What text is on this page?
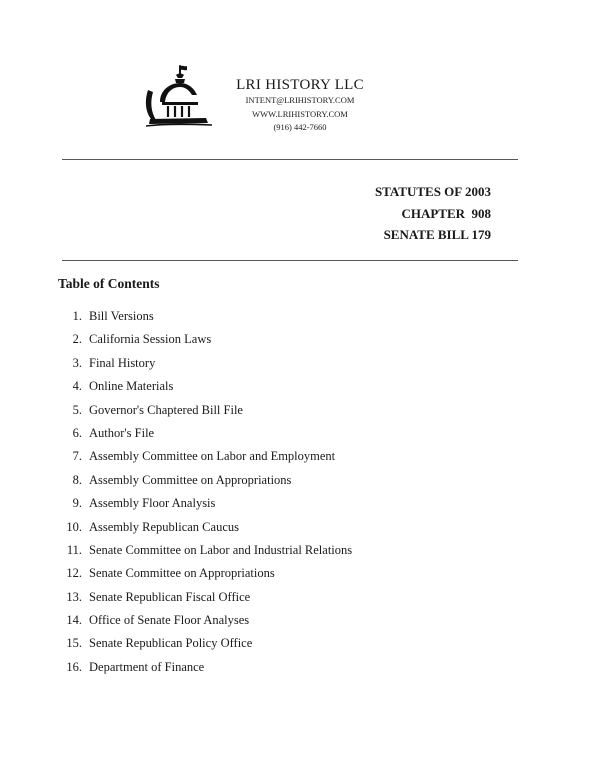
LRI HISTORY LLC
INTENT@LRIHISTORY.COM
WWW.LRIHISTORY.COM
(916) 442-7660
STATUTES OF 2003
CHAPTER  908
SENATE BILL 179
Table of Contents
1. Bill Versions
2. California Session Laws
3. Final History
4. Online Materials
5. Governor's Chaptered Bill File
6. Author's File
7. Assembly Committee on Labor and Employment
8. Assembly Committee on Appropriations
9. Assembly Floor Analysis
10. Assembly Republican Caucus
11. Senate Committee on Labor and Industrial Relations
12. Senate Committee on Appropriations
13. Senate Republican Fiscal Office
14. Office of Senate Floor Analyses
15. Senate Republican Policy Office
16. Department of Finance
